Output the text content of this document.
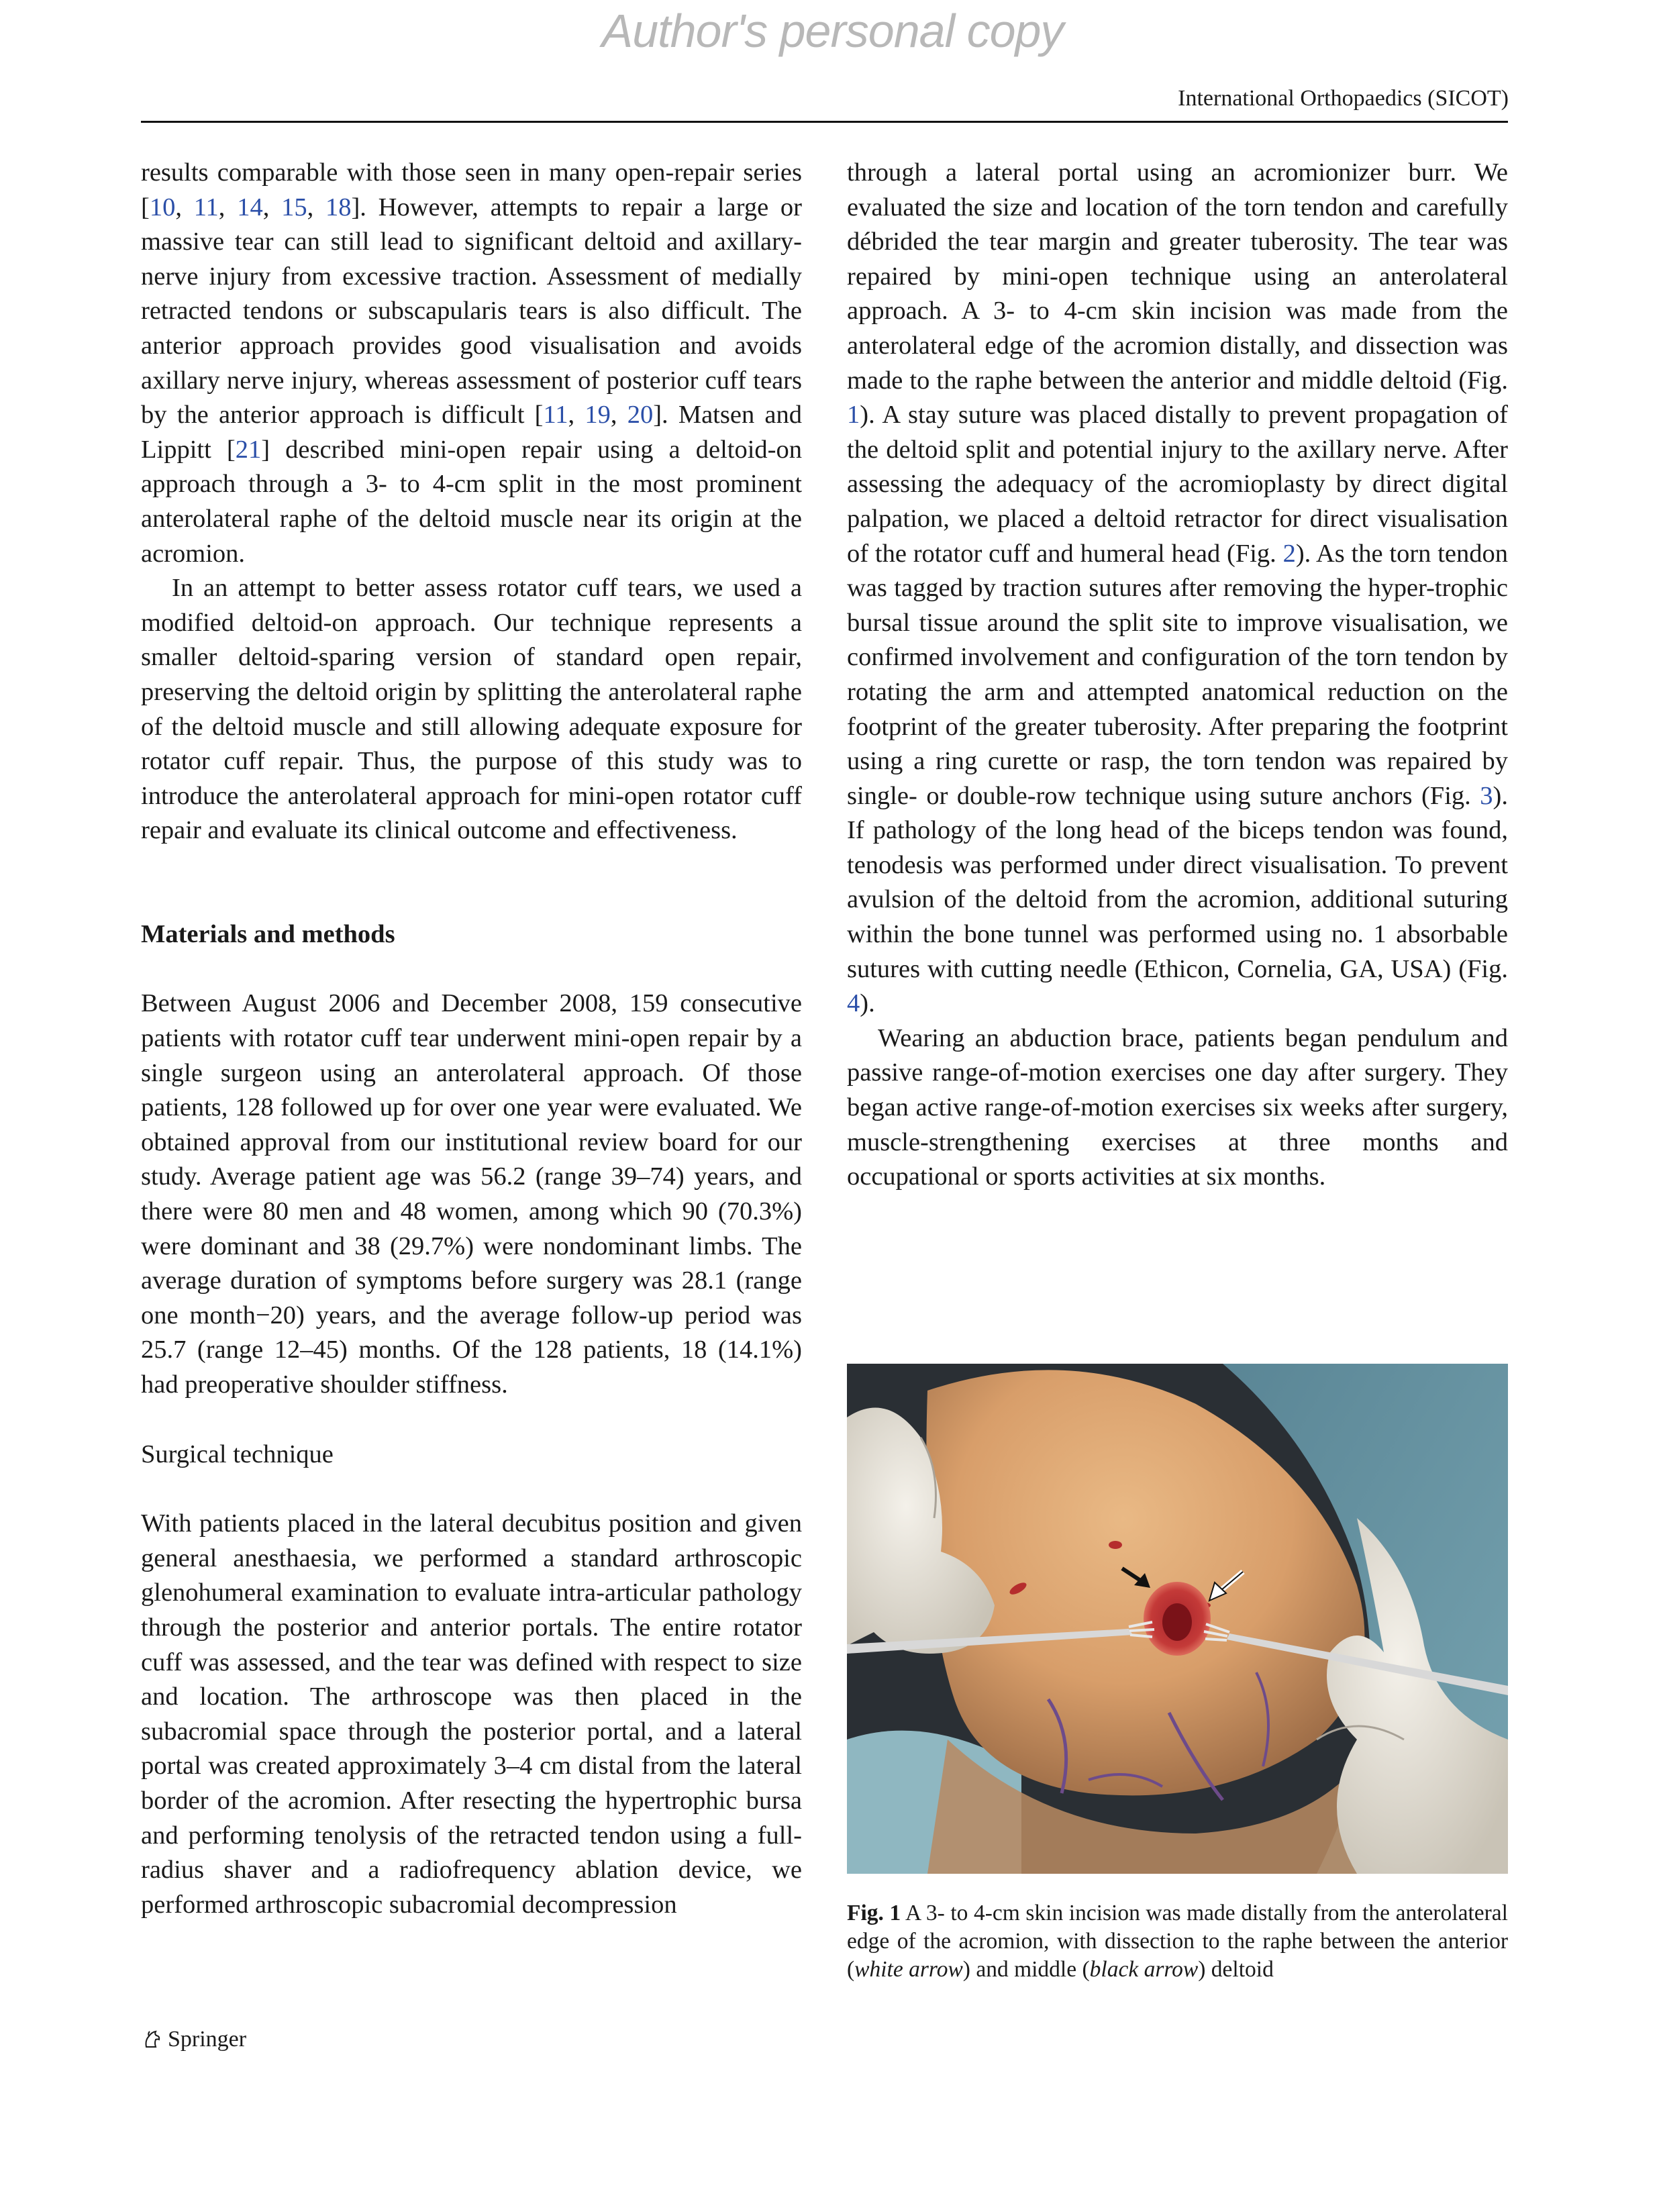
Author's personal copy
International Orthopaedics (SICOT)

results comparable with those seen in many open-repair series [10, 11, 14, 15, 18]. However, attempts to repair a large or massive tear can still lead to significant deltoid and axillary-nerve injury from excessive traction. Assessment of medially retracted tendons or subscapularis tears is also difficult. The anterior approach provides good visualisation and avoids axillary nerve injury, whereas assessment of posterior cuff tears by the anterior approach is difficult [11, 19, 20]. Matsen and Lippitt [21] described mini-open repair using a deltoid-on approach through a 3- to 4-cm split in the most prominent anterolateral raphe of the deltoid muscle near its origin at the acromion.

In an attempt to better assess rotator cuff tears, we used a modified deltoid-on approach. Our technique represents a smaller deltoid-sparing version of standard open repair, preserving the deltoid origin by splitting the anterolateral raphe of the deltoid muscle and still allowing adequate exposure for rotator cuff repair. Thus, the purpose of this study was to introduce the anterolateral approach for mini-open rotator cuff repair and evaluate its clinical outcome and effectiveness.

Materials and methods

Between August 2006 and December 2008, 159 consecutive patients with rotator cuff tear underwent mini-open repair by a single surgeon using an anterolateral approach. Of those patients, 128 followed up for over one year were evaluated. We obtained approval from our institutional review board for our study. Average patient age was 56.2 (range 39–74) years, and there were 80 men and 48 women, among which 90 (70.3%) were dominant and 38 (29.7%) were nondominant limbs. The average duration of symptoms before surgery was 28.1 (range one month−20) years, and the average follow-up period was 25.7 (range 12–45) months. Of the 128 patients, 18 (14.1%) had preoperative shoulder stiffness.

Surgical technique

With patients placed in the lateral decubitus position and given general anesthaesia, we performed a standard arthroscopic glenohumeral examination to evaluate intra-articular pathology through the posterior and anterior portals. The entire rotator cuff was assessed, and the tear was defined with respect to size and location. The arthroscope was then placed in the subacromial space through the posterior portal, and a lateral portal was created approximately 3–4 cm distal from the lateral border of the acromion. After resecting the hypertrophic bursa and performing tenolysis of the retracted tendon using a full-radius shaver and a radiofrequency ablation device, we performed arthroscopic subacromial decompression

through a lateral portal using an acromionizer burr. We evaluated the size and location of the torn tendon and carefully débrided the tear margin and greater tuberosity. The tear was repaired by mini-open technique using an anterolateral approach. A 3- to 4-cm skin incision was made from the anterolateral edge of the acromion distally, and dissection was made to the raphe between the anterior and middle deltoid (Fig. 1). A stay suture was placed distally to prevent propagation of the deltoid split and potential injury to the axillary nerve. After assessing the adequacy of the acromioplasty by direct digital palpation, we placed a deltoid retractor for direct visualisation of the rotator cuff and humeral head (Fig. 2). As the torn tendon was tagged by traction sutures after removing the hyper-trophic bursal tissue around the split site to improve visualisation, we confirmed involvement and configuration of the torn tendon by rotating the arm and attempted anatomical reduction on the footprint of the greater tuberosity. After preparing the footprint using a ring curette or rasp, the torn tendon was repaired by single- or double-row technique using suture anchors (Fig. 3). If pathology of the long head of the biceps tendon was found, tenodesis was performed under direct visualisation. To prevent avulsion of the deltoid from the acromion, additional suturing within the bone tunnel was performed using no. 1 absorbable sutures with cutting needle (Ethicon, Cornelia, GA, USA) (Fig. 4).

Wearing an abduction brace, patients began pendulum and passive range-of-motion exercises one day after surgery. They began active range-of-motion exercises six weeks after surgery, muscle-strengthening exercises at three months and occupational or sports activities at six months.

Fig. 1 A 3- to 4-cm skin incision was made distally from the anterolateral edge of the acromion, with dissection to the raphe between the anterior (white arrow) and middle (black arrow) deltoid
Springer
